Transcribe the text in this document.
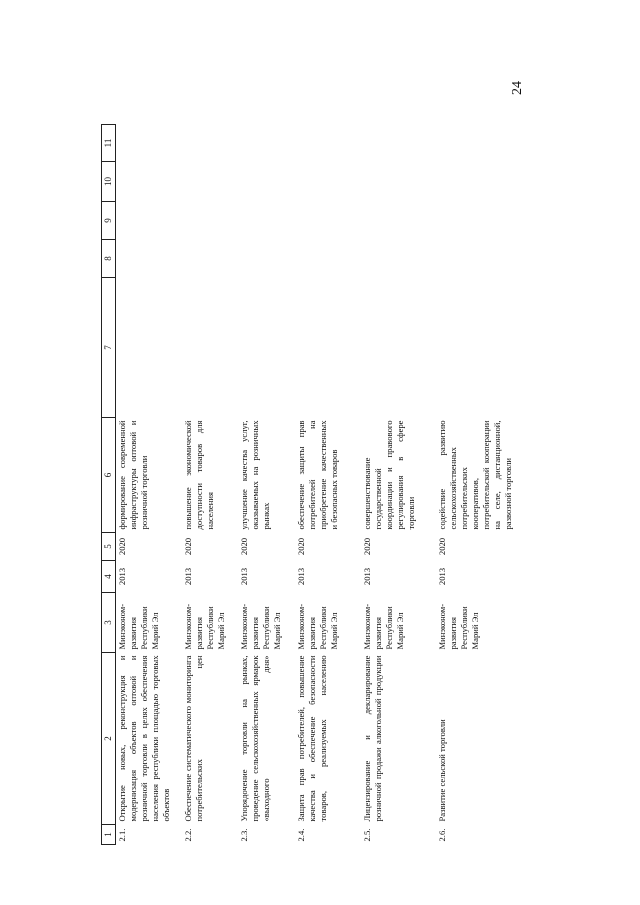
24
1	2	3	4	5	6	7	8	9	10	11
2.1.	Открытие новых, реконструкция и модернизация объектов оптовой и розничной торговли в целях обеспечения населения республики площадью торговых объектов	Минэконом-развития Республики Марий Эл	2013	2020	формирование современной инфраструктуры оптовой и розничной торговли					
2.2.	Обеспечение систематического мониторинга потребительских цен	Минэконом-развития Республики Марий Эл	2013	2020	повышение экономической доступности товаров для населения					
2.3.	Упорядочение торговли на рынках, проведение сельскохозяйственных ярмарок «выходного дня»	Минэконом-развития Республики Марий Эл	2013	2020	улучшение качества услуг, оказываемых на розничных рынках					
2.4.	Защита прав потребителей, повышение качества и обеспечение безопасности товаров, реализуемых населению	Минэконом-развития Республики Марий Эл	2013	2020	обеспечение защиты прав потребителей на приобретение качественных и безопасных товаров					
2.5.	Лицензирование и декларирование розничной продажи алкогольной продукции	Минэконом-развития Республики Марий Эл	2013	2020	совершенствование государственной координации и правового регулирования в сфере торговли					
2.6.	Развитие сельской торговли	Минэконом-развития Республики Марий Эл	2013	2020	содействие развитию сельскохозяйственных потребительских кооперативов, потребительской кооперации на селе, дистанционной, развозной торговли					
